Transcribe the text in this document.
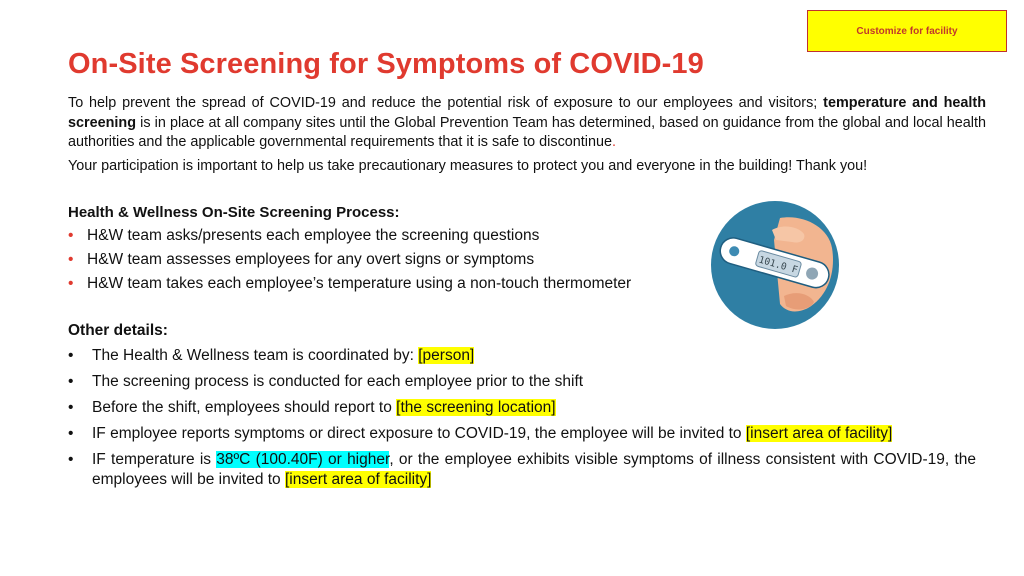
Customize for facility
On-Site Screening for Symptoms of COVID-19

To help prevent the spread of COVID-19 and reduce the potential risk of exposure to our employees and visitors; temperature and health screening is in place at all company sites until the Global Prevention Team has determined, based on guidance from the global and local health authorities and the applicable governmental requirements that it is safe to discontinue.

Your participation is important to help us take precautionary measures to protect you and everyone in the building! Thank you!

Health & Wellness On-Site Screening Process:
• H&W team asks/presents each employee the screening questions
• H&W team assesses employees for any overt signs or symptoms
• H&W team takes each employee’s temperature using a non-touch thermometer
101.0 F
Other details:
•	The Health & Wellness team is coordinated by: [person]
•	The screening process is conducted for each employee prior to the shift
•	Before the shift, employees should report to [the screening location]
•	IF employee reports symptoms or direct exposure to COVID-19, the employee will be invited to [insert area of facility]
•	IF temperature is 38ºC (100.40F) or higher, or the employee exhibits visible symptoms of illness consistent with COVID-19, the employees will be invited to [insert area of facility]
